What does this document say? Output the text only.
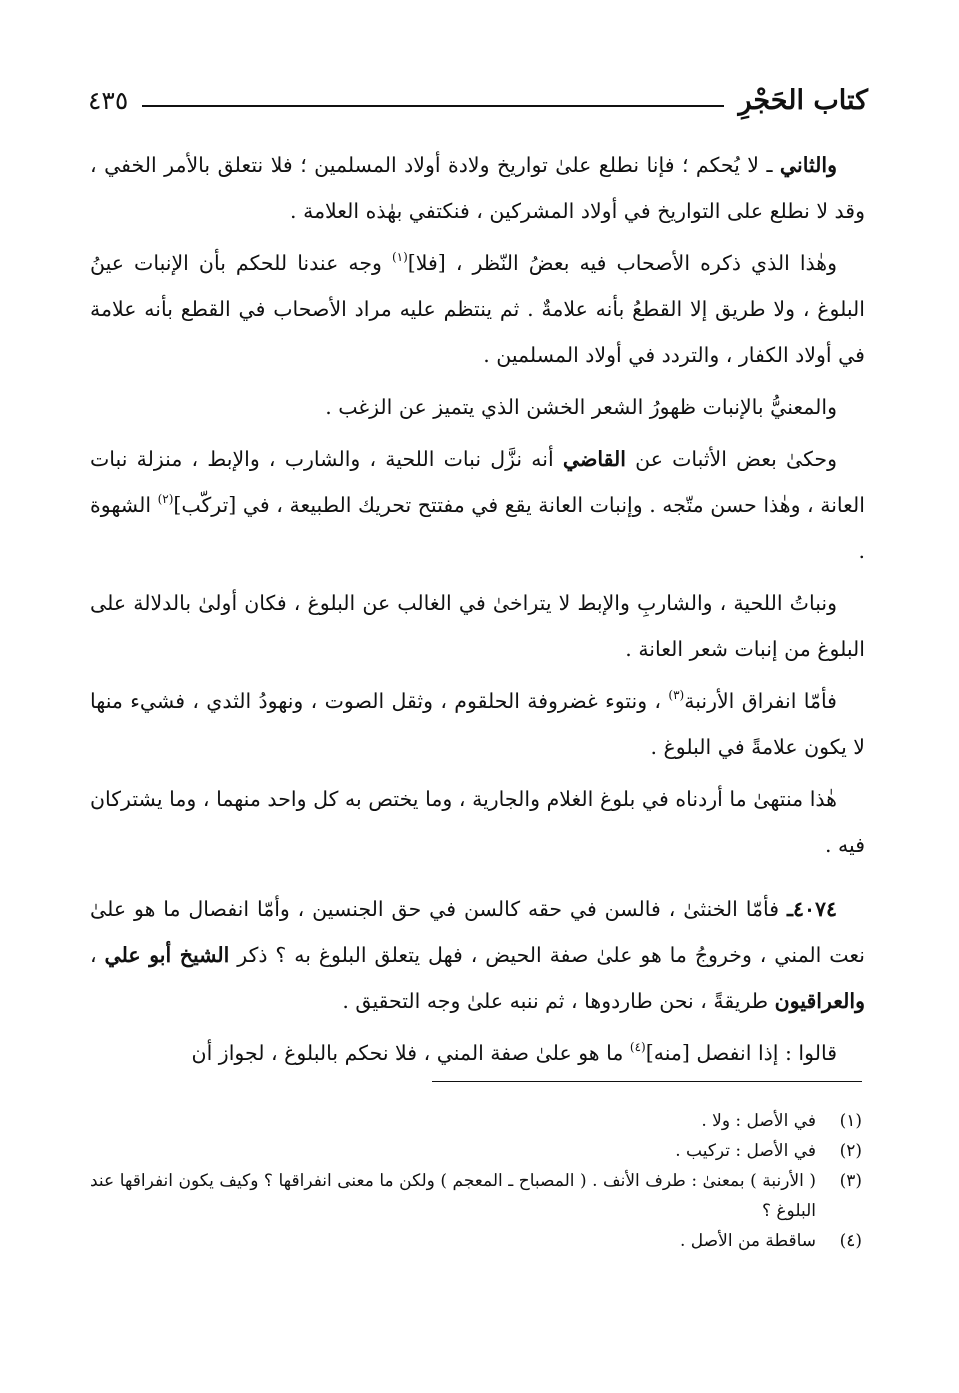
كتاب الحَجْرِ
٤٣٥

والثاني ـ لا يُحكم ؛ فإنا نطلع علىٰ تواريخ ولادة أولاد المسلمين ؛ فلا نتعلق بالأمر الخفي ، وقد لا نطلع على التواريخ في أولاد المشركين ، فنكتفي بهٰذه العلامة .

وهٰذا الذي ذكره الأصحاب فيه بعضُ النّظر ، [فلا]$^{(١)}$ وجه عندنا للحكم بأن الإنبات عينُ البلوغ ، ولا طريق إلا القطعُ بأنه علامةٌ . ثم ينتظم عليه مراد الأصحاب في القطع بأنه علامة في أولاد الكفار ، والتردد في أولاد المسلمين .

والمعنيُّ بالإنبات ظهورُ الشعر الخشن الذي يتميز عن الزغب .

وحكىٰ بعض الأثبات عن القاضي أنه نزَّل نبات اللحية ، والشارب ، والإبط ، منزلة نبات العانة ، وهٰذا حسن متّجه . وإنبات العانة يقع في مفتتح تحريك الطبيعة ، في [تركّب]$^{(٢)}$ الشهوة .

ونباتُ اللحية ، والشاربِ والإبط لا يتراخىٰ في الغالب عن البلوغ ، فكان أولىٰ بالدلالة على البلوغ من إنبات شعر العانة .

فأمّا انفراق الأرنبة$^{(٣)}$ ، ونتوء غضروفة الحلقوم ، وثقل الصوت ، ونهودُ الثدي ، فشيء منها لا يكون علامةً في البلوغ .

هٰذا منتهىٰ ما أردناه في بلوغ الغلام والجارية ، وما يختص به كل واحد منهما ، وما يشتركان فيه .

٤٠٧٤ـ فأمّا الخنثىٰ ، فالسن في حقه كالسن في حق الجنسين ، وأمّا انفصال ما هو علىٰ نعت المني ، وخروجُ ما هو علىٰ صفة الحيض ، فهل يتعلق البلوغ به ؟ ذكر الشيخ أبو علي ، والعراقيون طريقةً ، نحن طاردوها ، ثم ننبه علىٰ وجه التحقيق .

قالوا : إذا انفصل [منه]$^{(٤)}$ ما هو علىٰ صفة المني ، فلا نحكم بالبلوغ ، لجواز أن

(١)
في الأصل : ولا .
(٢)
في الأصل : تركيب .
(٣)
( الأرنبة ) بمعنىٰ : طرف الأنف . ( المصباح ـ المعجم ) ولكن ما معنى انفراقها ؟ وكيف يكون انفراقها عند البلوغ ؟
(٤)
ساقطة من الأصل .
